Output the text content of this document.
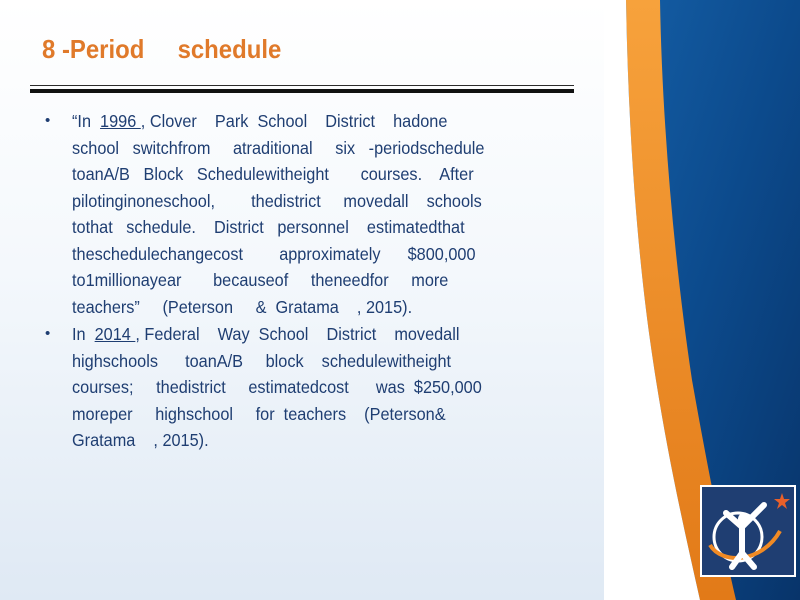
8 -Period     schedule
• “In  1996 , Clover    Park  School    District    hadone
school   switchfrom     atraditional     six   -periodschedule
toanA/B   Block   Schedulewitheight       courses.    After
pilotinginoneschool,        thedistrict     movedall    schools
tothat   schedule.    District   personnel    estimatedthat
theschedulechangecost        approximately      $800,000
to1millionayear       becauseof     theneedfor     more
teachers”     (Peterson     &  Gratama    , 2015).
• In  2014 , Federal    Way  School    District    movedall
highschools      toanA/B     block    schedulewitheight
courses;     thedistrict     estimatedcost      was  $250,000
moreper     highschool     for  teachers    (Peterson&
Gratama    , 2015).
